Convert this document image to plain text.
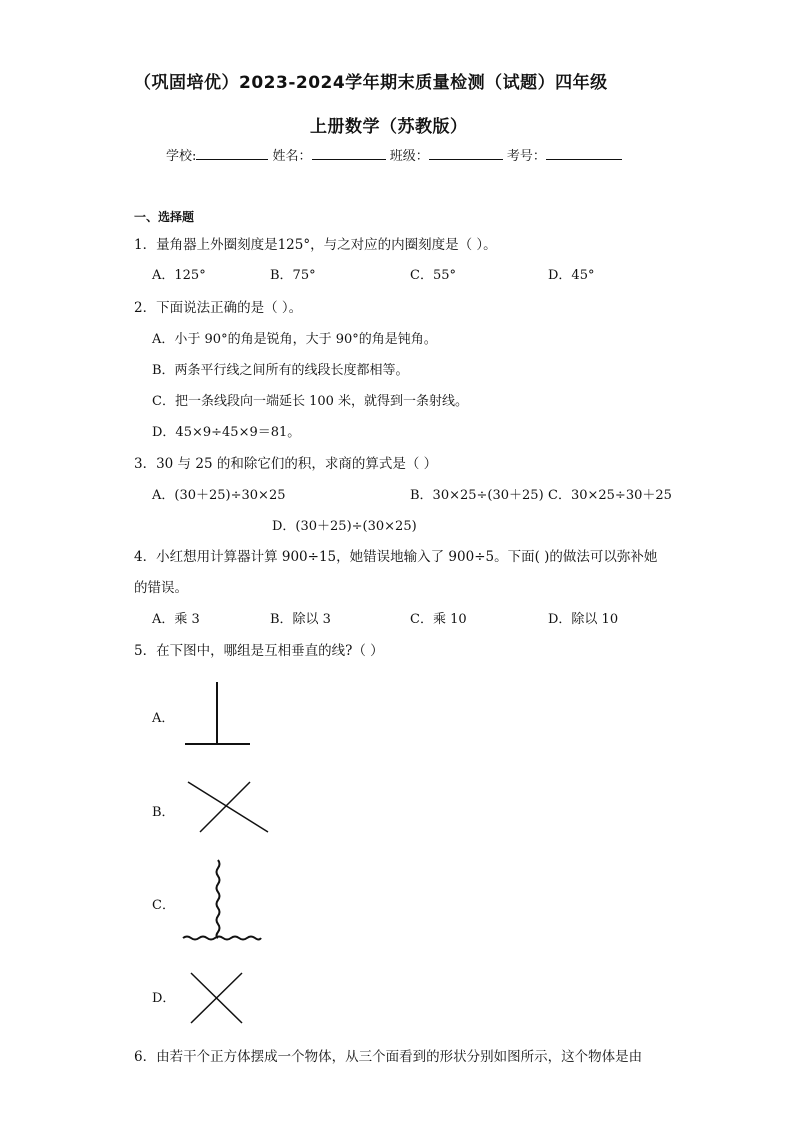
（巩固培优）2023-2024学年期末质量检测（试题）四年级
上册数学（苏教版）
学校:	姓名：	班级：	考号：
一、选择题
1．量角器上外圈刻度是125°，与之对应的内圈刻度是（ ）。
A．125°	B．75°	C．55°	D．45°
2．下面说法正确的是（ ）。
A．小于 90°的角是锐角，大于 90°的角是钝角。
B．两条平行线之间所有的线段长度都相等。
C．把一条线段向一端延长 100 米，就得到一条射线。
D．45×9÷45×9＝81。
3．30 与 25 的和除它们的积，求商的算式是（ ）
A．(30＋25)÷30×25	B．30×25÷(30＋25) C．30×25÷30＋25
D．(30＋25)÷(30×25)
4．小红想用计算器计算 900÷15，她错误地输入了 900÷5。下面( )的做法可以弥补她
的错误。
A．乘 3	B．除以 3	C．乘 10	D．除以 10
5．在下图中，哪组是互相垂直的线?（ ）
A．
B．
C．
D．
6．由若干个正方体摆成一个物体，从三个面看到的形状分别如图所示，这个物体是由
